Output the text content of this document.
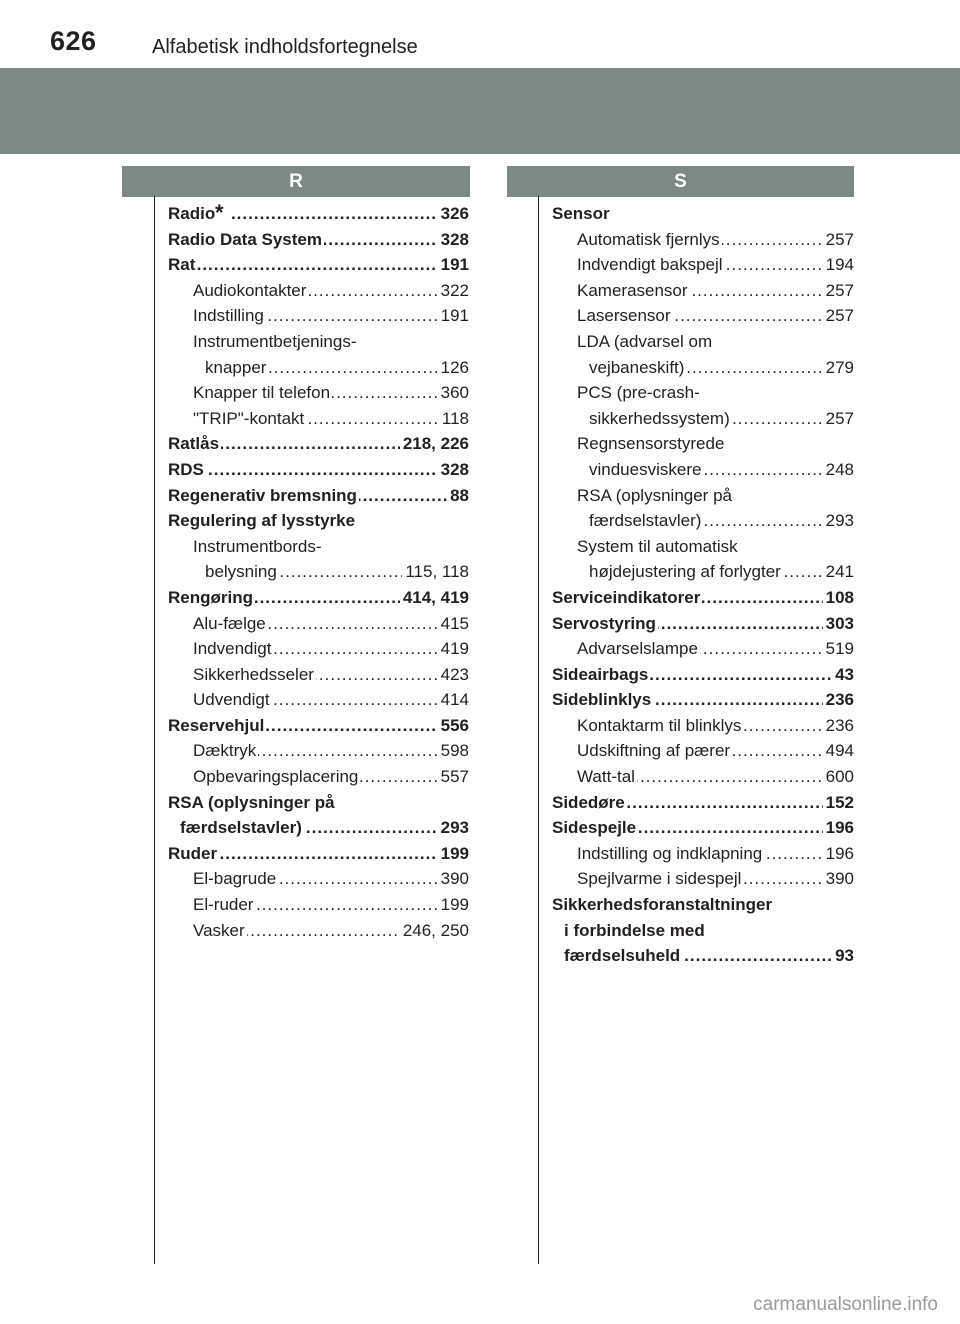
626	Alfabetisk indholdsfortegnelse
R	S
.....
Radio	326
.....
Radio Data System	328
.....
Rat	191
.....
Audiokontakter	322
.....
Indstilling	191
Instrumentbetjenings-
.....
knapper	126
.....
Knapper til telefon	360
.....
"TRIP"-kontakt	118
.....
Ratlås	218, 226
.....
RDS	328
.....
Regenerativ bremsning	88
Regulering af lysstyrke
Instrumentbords-
.....
belysning	115, 118
.....
Rengøring	414, 419
.....
Alu-fælge	415
.....
Indvendigt	419
.....
Sikkerhedsseler	423
.....
Udvendigt	414
.....
Reservehjul	556
.....
Dæktryk	598
.....
Opbevaringsplacering	557
RSA (oplysninger på
.....
færdselstavler)	293
.....
Ruder	199
.....
El-bagrude	390
.....
El-ruder	199
.....
Vasker	246, 250
Sensor
.....
Automatisk fjernlys	257
.....
Indvendigt bakspejl	194
.....
Kamerasensor	257
.....
Lasersensor	257
LDA (advarsel om
.....
vejbaneskift)	279
PCS (pre-crash-
.....
sikkerhedssystem)	257
Regnsensorstyrede
.....
vinduesviskere	248
RSA (oplysninger på
.....
færdselstavler)	293
System til automatisk
.....
højdejustering af forlygter	241
.....
Serviceindikatorer	108
.....
Servostyring	303
.....
Advarselslampe	519
.....
Sideairbags	43
.....
Sideblinklys	236
.....
Kontaktarm til blinklys	236
.....
Udskiftning af pærer	494
.....
Watt-tal	600
.....
Sidedøre	152
.....
Sidespejle	196
.....
Indstilling og indklapning	196
.....
Spejlvarme i sidespejl	390
Sikkerhedsforanstaltninger
i forbindelse med
.....
færdselsuheld	93
carmanualsonline.info
